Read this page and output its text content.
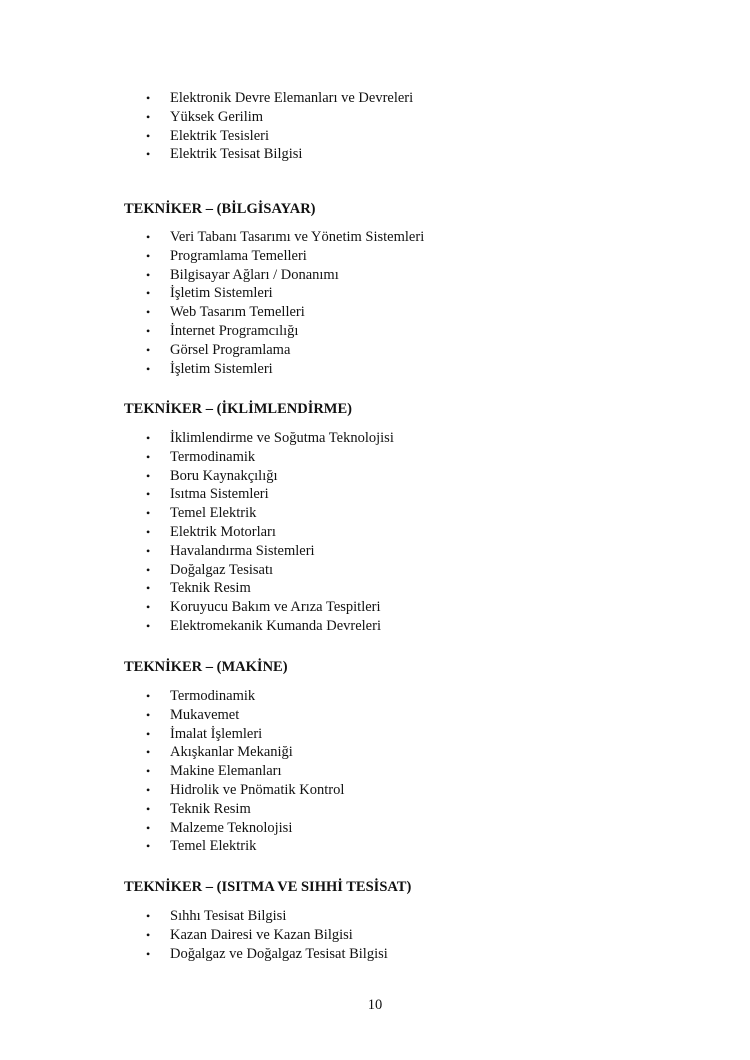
• Elektronik Devre Elemanları ve Devreleri
• Yüksek Gerilim
• Elektrik Tesisleri
• Elektrik Tesisat Bilgisi
TEKNİKER – (BİLGİSAYAR)
• Veri Tabanı Tasarımı ve Yönetim Sistemleri
• Programlama Temelleri
• Bilgisayar Ağları / Donanımı
• İşletim Sistemleri
• Web Tasarım Temelleri
• İnternet Programcılığı
• Görsel Programlama
• İşletim Sistemleri
TEKNİKER – (İKLİMLENDİRME)
• İklimlendirme ve Soğutma Teknolojisi
• Termodinamik
• Boru Kaynakçılığı
• Isıtma Sistemleri
• Temel Elektrik
• Elektrik Motorları
• Havalandırma Sistemleri
• Doğalgaz Tesisatı
• Teknik Resim
• Koruyucu Bakım ve Arıza Tespitleri
• Elektromekanik Kumanda Devreleri
TEKNİKER – (MAKİNE)
• Termodinamik
• Mukavemet
• İmalat İşlemleri
• Akışkanlar Mekaniği
• Makine Elemanları
• Hidrolik ve Pnömatik Kontrol
• Teknik Resim
• Malzeme Teknolojisi
• Temel Elektrik
TEKNİKER – (ISITMA VE SIHHİ TESİSAT)
• Sıhhı Tesisat Bilgisi
• Kazan Dairesi ve Kazan Bilgisi
• Doğalgaz ve Doğalgaz Tesisat Bilgisi
10
